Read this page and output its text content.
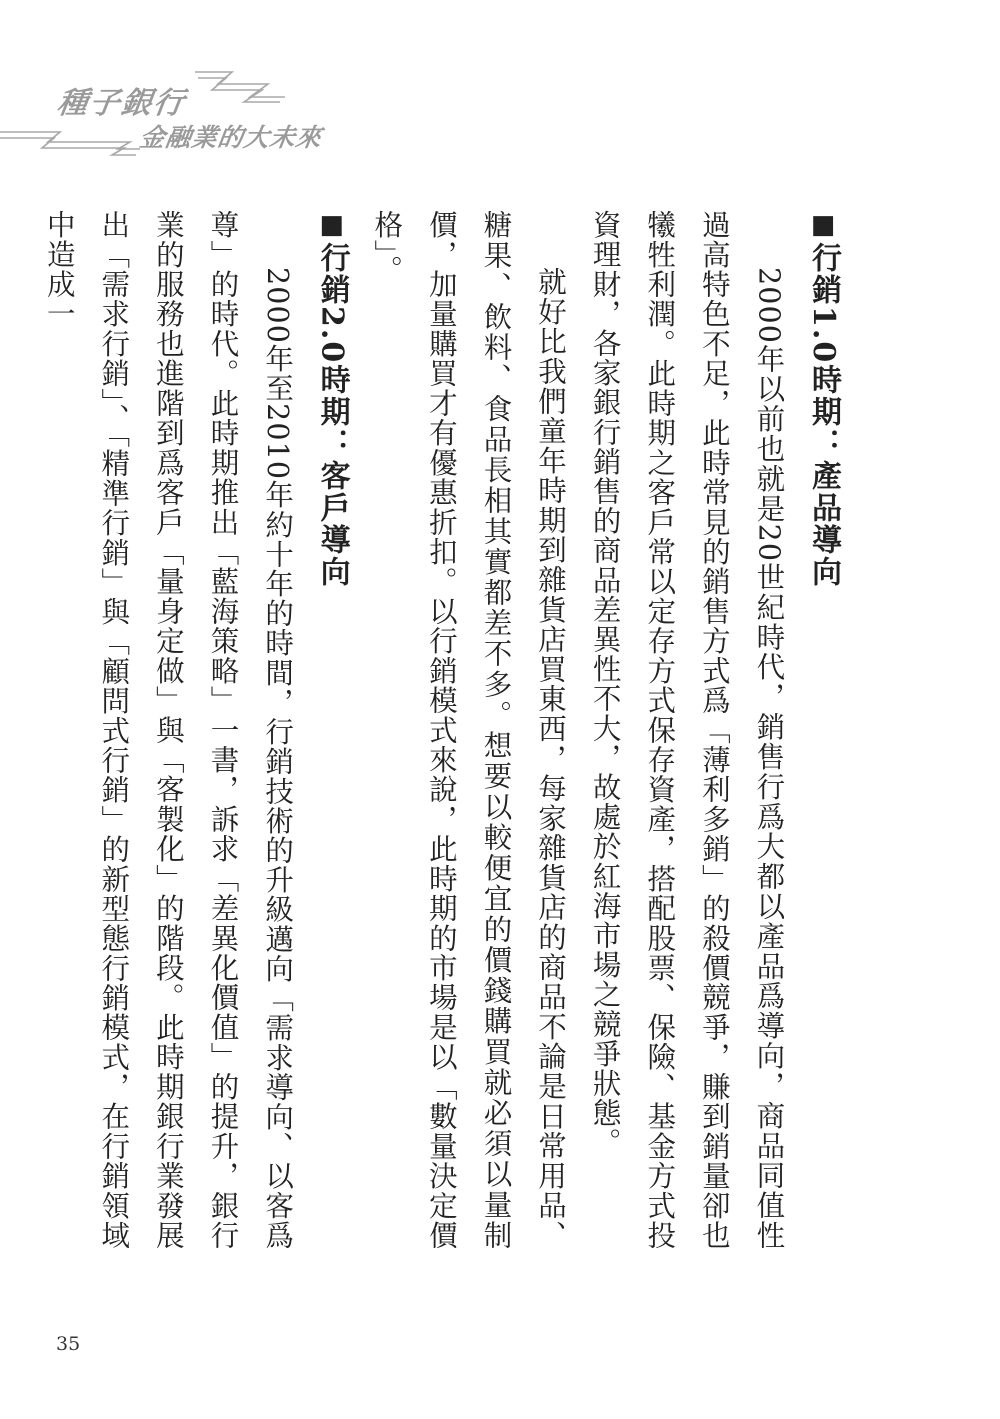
種子銀行
金融業的大未來
■行銷1.0時期：產品導向

2000年以前也就是20世紀時代，銷售行爲大都以產品爲導向，商品同值性過高特色不足，此時常見的銷售方式爲「薄利多銷」的殺價競爭，賺到銷量卻也犧牲利潤。此時期之客戶常以定存方式保存資產，搭配股票、保險、基金方式投資理財，各家銀行銷售的商品差異性不大，故處於紅海市場之競爭狀態。

就好比我們童年時期到雜貨店買東西，每家雜貨店的商品不論是日常用品、糖果、飲料、食品長相其實都差不多。想要以較便宜的價錢購買就必須以量制價，加量購買才有優惠折扣。以行銷模式來說，此時期的市場是以「數量決定價格」。

■行銷2.0時期：客戶導向

2000年至2010年約十年的時間，行銷技術的升級邁向「需求導向、以客爲尊」的時代。此時期推出「藍海策略」一書，訴求「差異化價值」的提升，銀行業的服務也進階到爲客戶「量身定做」與「客製化」的階段。此時期銀行業發展出「需求行銷」、「精準行銷」與「顧問式行銷」的新型態行銷模式，在行銷領域中造成一

35
